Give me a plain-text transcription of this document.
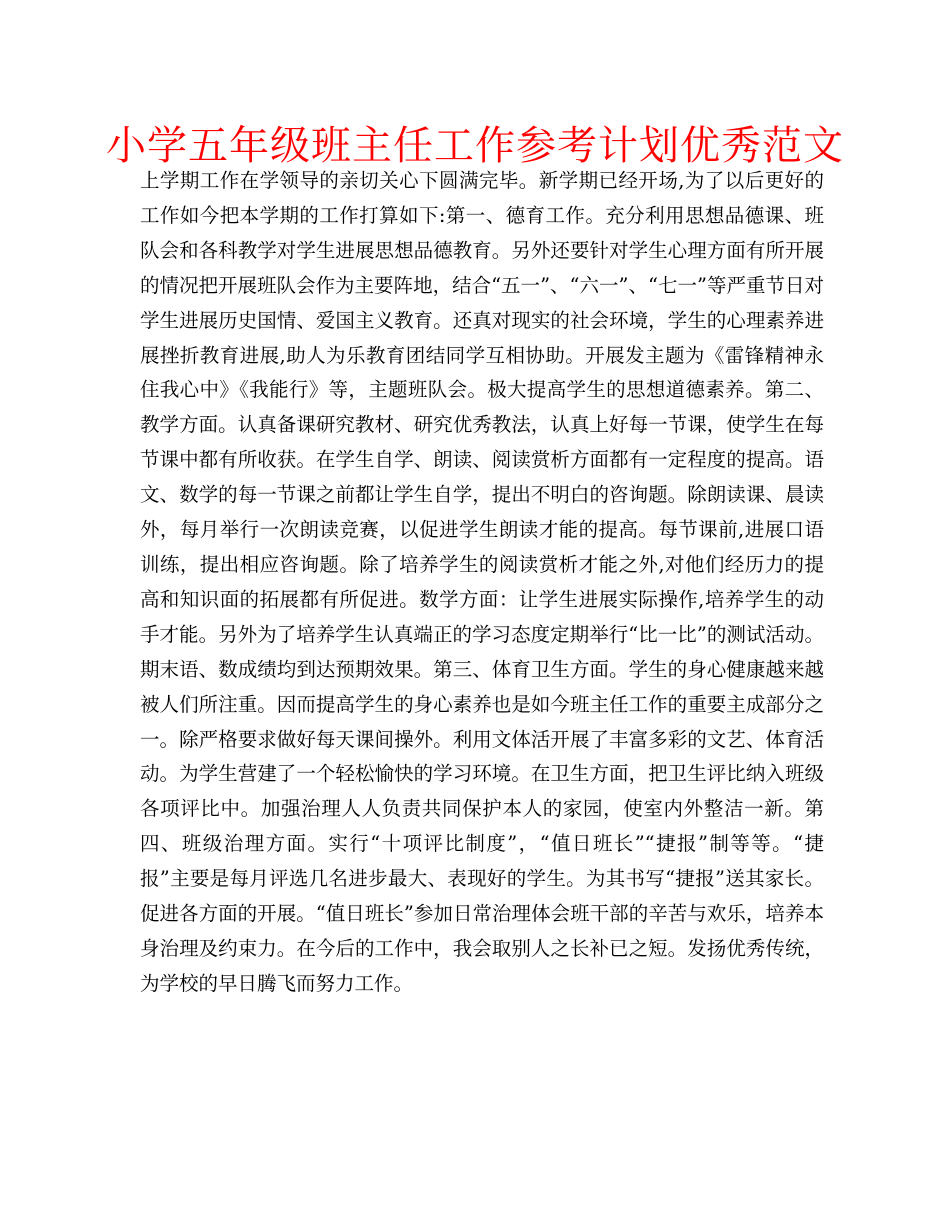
小学五年级班主任工作参考计划优秀范文

上学期工作在学领导的亲切关心下圆满完毕。新学期已经开场,为了以后更好的工作如今把本学期的工作打算如下:第一、德育工作。充分利用思想品德课、班队会和各科教学对学生进展思想品德教育。另外还要针对学生心理方面有所开展的情况把开展班队会作为主要阵地，结合“五一”、“六一”、“七一”等严重节日对学生进展历史国情、爱国主义教育。还真对现实的社会环境，学生的心理素养进展挫折教育进展,助人为乐教育团结同学互相协助。开展发主题为《雷锋精神永住我心中》《我能行》等，主题班队会。极大提高学生的思想道德素养。第二、教学方面。认真备课研究教材、研究优秀教法，认真上好每一节课，使学生在每节课中都有所收获。在学生自学、朗读、阅读赏析方面都有一定程度的提高。语文、数学的每一节课之前都让学生自学，提出不明白的咨询题。除朗读课、晨读外，每月举行一次朗读竞赛，以促进学生朗读才能的提高。每节课前,进展口语训练，提出相应咨询题。除了培养学生的阅读赏析才能之外,对他们经历力的提高和知识面的拓展都有所促进。数学方面：让学生进展实际操作,培养学生的动手才能。另外为了培养学生认真端正的学习态度定期举行“比一比”的测试活动。期末语、数成绩均到达预期效果。第三、体育卫生方面。学生的身心健康越来越被人们所注重。因而提高学生的身心素养也是如今班主任工作的重要主成部分之一。除严格要求做好每天课间操外。利用文体活开展了丰富多彩的文艺、体育活动。为学生营建了一个轻松愉快的学习环境。在卫生方面，把卫生评比纳入班级各项评比中。加强治理人人负责共同保护本人的家园，使室内外整洁一新。第四、班级治理方面。实行“十项评比制度”，“值日班长”“捷报”制等等。“捷报”主要是每月评选几名进步最大、表现好的学生。为其书写“捷报”送其家长。促进各方面的开展。“值日班长”参加日常治理体会班干部的辛苦与欢乐，培养本身治理及约束力。在今后的工作中，我会取别人之长补已之短。发扬优秀传统，为学校的早日腾飞而努力工作。
